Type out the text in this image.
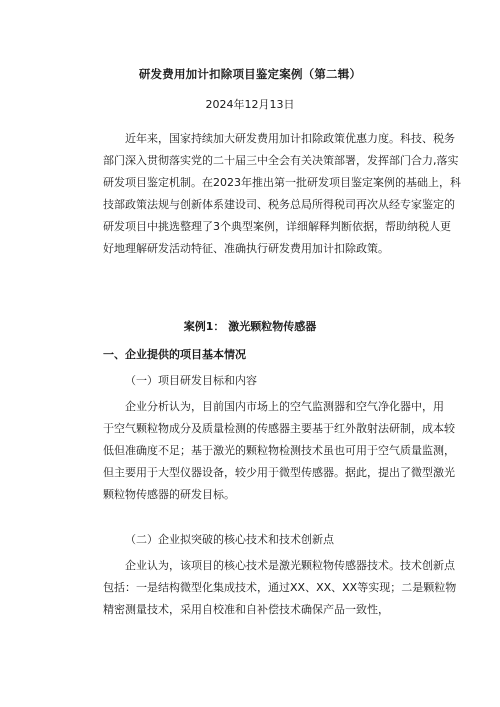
研发费用加计扣除项目鉴定案例（第二辑）
2024年12月13日
近年来，国家持续加大研发费用加计扣除政策优惠力度。科技、税务
部门深入贯彻落实党的二十届三中全会有关决策部署，发挥部门合力,落实
研发项目鉴定机制。在2023年推出第一批研发项目鉴定案例的基础上，科
技部政策法规与创新体系建设司、税务总局所得税司再次从经专家鉴定的
研发项目中挑选整理了3个典型案例，详细解释判断依据，帮助纳税人更
好地理解研发活动特征、准确执行研发费用加计扣除政策。
案例1： 激光颗粒物传感器
一、企业提供的项目基本情况
（一）项目研发目标和内容
企业分析认为，目前国内市场上的空气监测器和空气净化器中，用
于空气颗粒物成分及质量检测的传感器主要基于红外散射法研制，成本较
低但准确度不足；基于激光的颗粒物检测技术虽也可用于空气质量监测，
但主要用于大型仪器设备，较少用于微型传感器。据此，提出了微型激光
颗粒物传感器的研发目标。
（二）企业拟突破的核心技术和技术创新点
企业认为，该项目的核心技术是激光颗粒物传感器技术。技术创新点
包括：一是结构微型化集成技术，通过XX、XX、XX等实现；二是颗粒物
精密测量技术，采用自校准和自补偿技术确保产品一致性，
